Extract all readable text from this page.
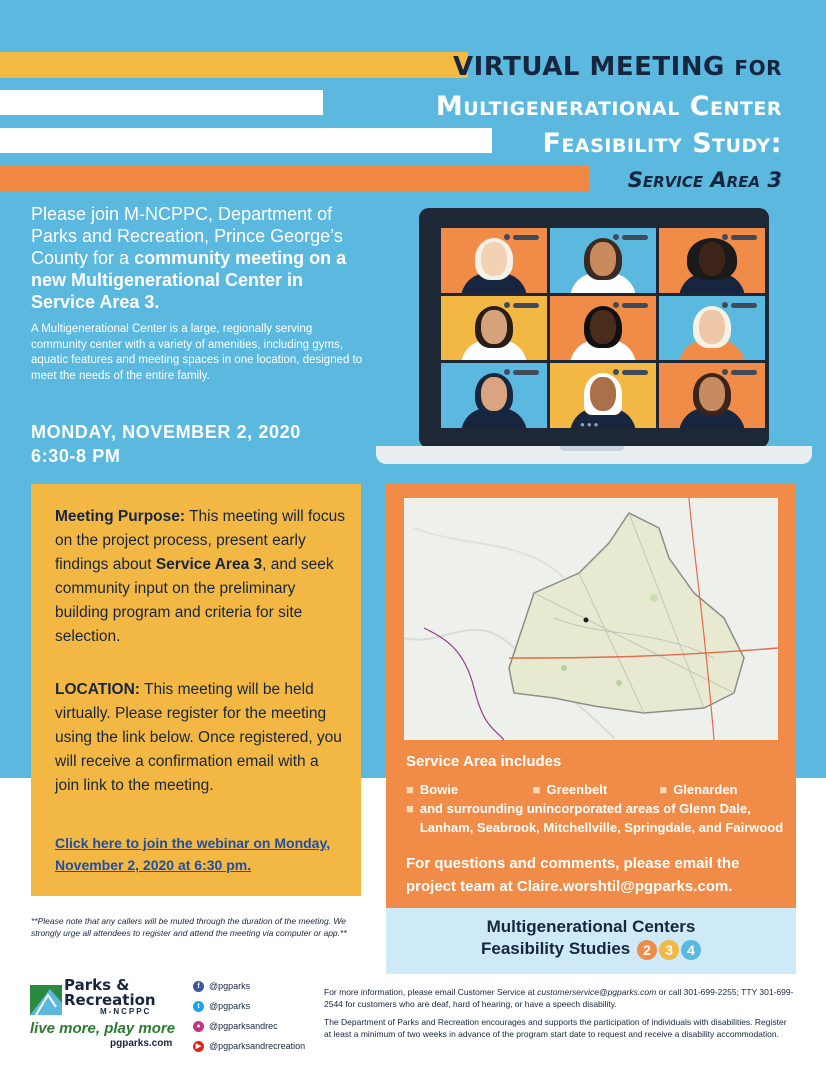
VIRTUAL MEETING FOR
Multigenerational Center
Feasibility Study:
Service Area 3
Please join M-NCPPC, Department of Parks and Recreation, Prince George’s County for a community meeting on a new Multigenerational Center in Service Area 3.
A Multigenerational Center is a large, regionally serving community center with a variety of amenities, including gyms, aquatic features and meeting spaces in one location, designed to meet the needs of the entire family.
MONDAY, NOVEMBER 2, 2020
6:30-8 PM
●●●
Meeting Purpose: This meeting will focus on the project process, present early findings about Service Area 3, and seek community input on the preliminary building program and criteria for site selection.
LOCATION: This meeting will be held virtually. Please register for the meeting using the link below. Once registered, you will receive a confirmation email with a join link to the meeting.
Click here to join the webinar on Monday, November 2, 2020 at 6:30 pm.
Service Area includes
■ Bowie	■ Greenbelt	■ Glenarden
■ and surrounding unincorporated areas of Glenn Dale, Lanham, Seabrook, Mitchellville, Springdale, and Fairwood
For questions and comments, please email the project team at Claire.worshtil@pgparks.com.
Multigenerational Centers
Feasibility Studies 2 3 4
**Please note that any callers will be muted through the duration of the meeting. We strongly urge all attendees to register and attend the meeting via computer or app.**
Parks &
Recreation
M-NCPPC
live more, play more
pgparks.com
f	@pgparks
t	@pgparks
● @pgparksandrec
▶ @pgparksandrecreation

For more information, please email Customer Service at customerservice@pgparks.com or call 301-699-2255; TTY 301-699-2544 for customers who are deaf, hard of hearing, or have a speech disability.

The Department of Parks and Recreation encourages and supports the participation of individuals with disabilities. Register at least a minimum of two weeks in advance of the program start date to request and receive a disability accommodation.
